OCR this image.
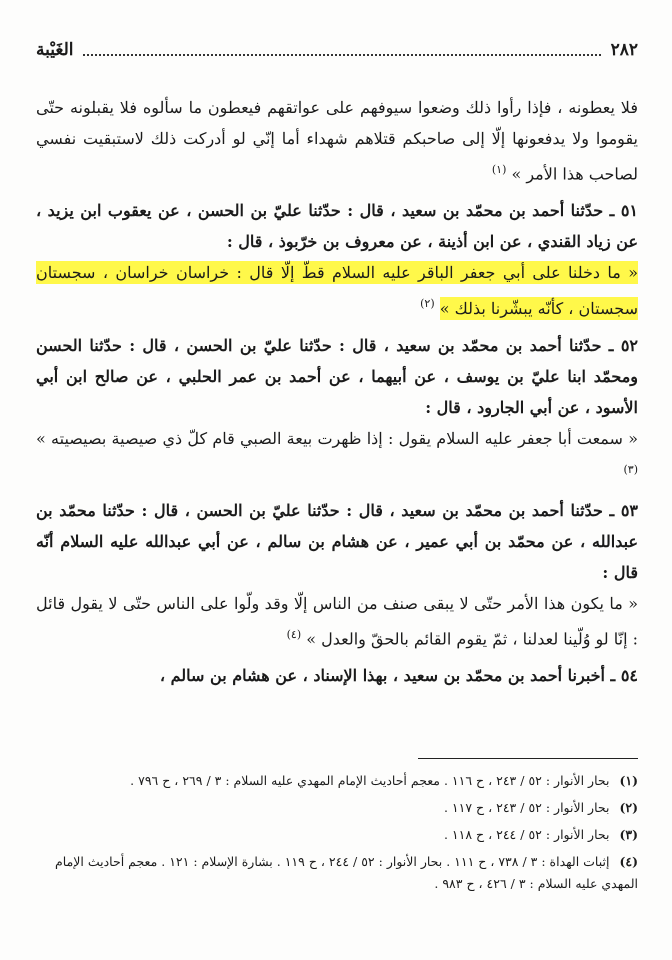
٢٨٢
الغَيْبة

فلا يعطونه ، فإذا رأوا ذلك وضعوا سيوفهم على عواتقهم فيعطون ما سألوه فلا يقبلونه حتّى يقوموا ولا يدفعونها إلّا إلى صاحبكم قتلاهم شهداء أما إنّي لو أدركت ذلك لاستبقيت نفسي لصاحب هذا الأمر » $^{(١)}$

٥١ ـ حدّثنا أحمد بن محمّد بن سعيد ، قال : حدّثنا عليّ بن الحسن ، عن يعقوب ابن يزيد ، عن زياد القندي ، عن ابن أذينة ، عن معروف بن خرّبوذ ، قال :
« ما دخلنا على أبي جعفر الباقر عليه السلام قطّ إلّا قال : خراسان خراسان ، سجستان سجستان ، كأنّه يبشّرنا بذلك » $^{(٢)}$

٥٢ ـ حدّثنا أحمد بن محمّد بن سعيد ، قال : حدّثنا عليّ بن الحسن ، قال : حدّثنا الحسن ومحمّد ابنا عليّ بن يوسف ، عن أبيهما ، عن أحمد بن عمر الحلبي ، عن صالح ابن أبي الأسود ، عن أبي الجارود ، قال :
« سمعت أبا جعفر عليه السلام يقول : إذا ظهرت بيعة الصبي قام كلّ ذي صيصية بصيصيته » $^{(٣)}$

٥٣ ـ حدّثنا أحمد بن محمّد بن سعيد ، قال : حدّثنا عليّ بن الحسن ، قال : حدّثنا محمّد بن عبدالله ، عن محمّد بن أبي عمير ، عن هشام بن سالم ، عن أبي عبدالله عليه السلام أنّه قال :
« ما يكون هذا الأمر حتّى لا يبقى صنف من الناس إلّا وقد ولّوا على الناس حتّى لا يقول قائل : إنّا لو وُلّينا لعدلنا ، ثمّ يقوم القائم بالحقّ والعدل » $^{(٤)}$

٥٤ ـ أخبرنا أحمد بن محمّد بن سعيد ، بهذا الإسناد ، عن هشام بن سالم ،

(١) بحار الأنوار : ٥٢ / ٢٤٣ ، ح ١١٦ . معجم أحاديث الإمام المهدي عليه السلام : ٣ / ٢٦٩ ، ح ٧٩٦ .

(٢) بحار الأنوار : ٥٢ / ٢٤٣ ، ح ١١٧ .

(٣) بحار الأنوار : ٥٢ / ٢٤٤ ، ح ١١٨ .

(٤) إثبات الهداة : ٣ / ٧٣٨ ، ح ١١١ . بحار الأنوار : ٥٢ / ٢٤٤ ، ح ١١٩ . بشارة الإسلام : ١٢١ . معجم أحاديث الإمام المهدي عليه السلام : ٣ / ٤٢٦ ، ح ٩٨٣ .
